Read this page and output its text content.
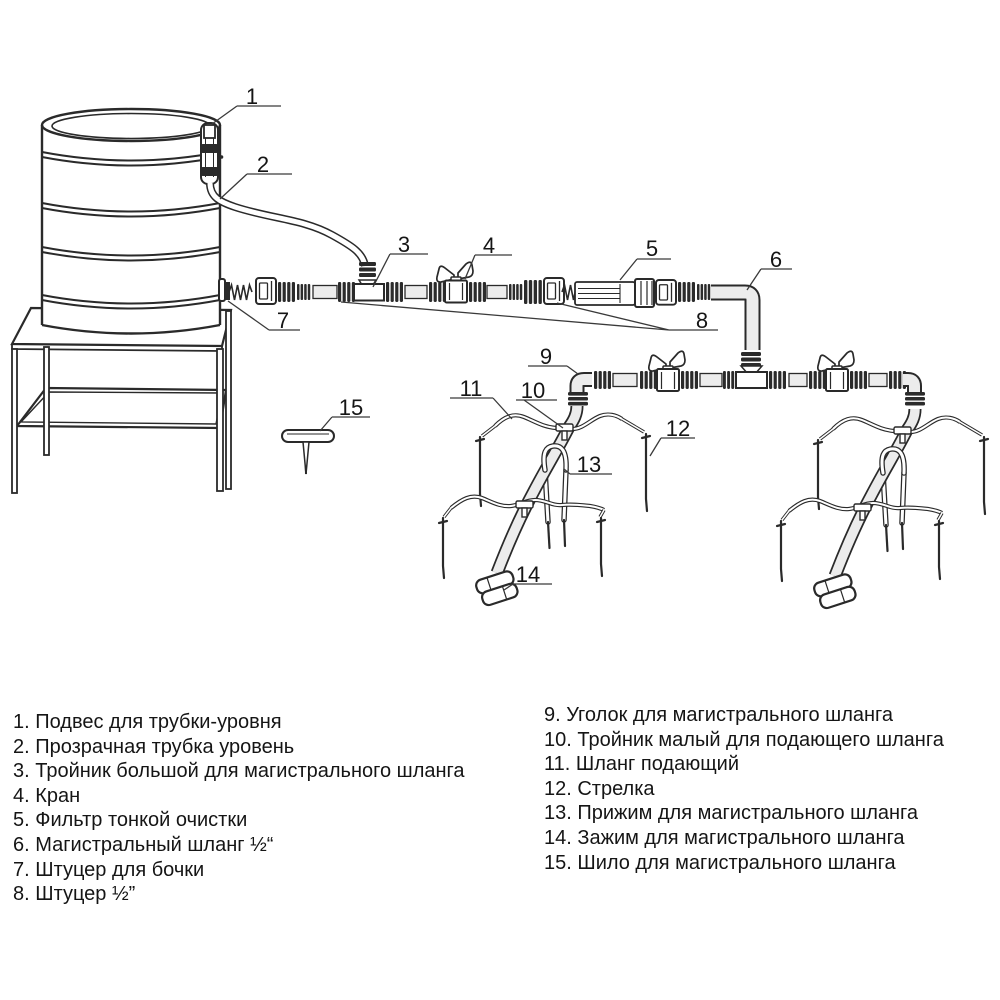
1
2
3	4	5	6
7	8
9
10
11
12
13
14
15
1. Подвес для трубки-уровня
2. Прозрачная трубка уровень
3. Тройник большой для магистрального шланга
4. Кран
5. Фильтр тонкой очистки
6. Магистральный шланг ½“
7. Штуцер для бочки
8. Штуцер ½”
9. Уголок для магистрального шланга
10. Тройник малый для подающего шланга
11. Шланг подающий
12. Стрелка
13. Прижим для магистрального шланга
14. Зажим для магистрального шланга
15. Шило для магистрального шланга
